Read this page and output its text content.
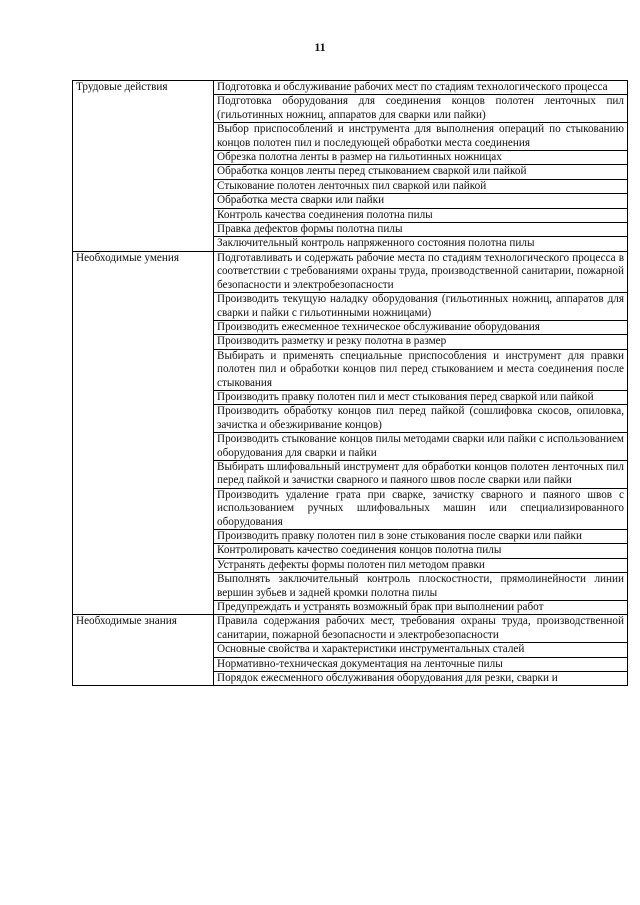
11
Трудовые действия	Подготовка и обслуживание рабочих мест по стадиям технологического процесса
	Подготовка оборудования для соединения концов полотен ленточных пил (гильотинных ножниц, аппаратов для сварки или пайки)
	Выбор приспособлений и инструмента для выполнения операций по стыкованию концов полотен пил и последующей обработки места соединения
	Обрезка полотна ленты в размер на гильотинных ножницах
	Обработка концов ленты перед стыкованием сваркой или пайкой
	Стыкование полотен ленточных пил сваркой или пайкой
	Обработка места сварки или пайки
	Контроль качества соединения полотна пилы
	Правка дефектов формы полотна пилы
	Заключительный контроль напряженного состояния полотна пилы
Необходимые умения	Подготавливать и содержать рабочие места по стадиям технологического процесса в соответствии с требованиями охраны труда, производственной санитарии, пожарной безопасности и электробезопасности
	Производить текущую наладку оборудования (гильотинных ножниц, аппаратов для сварки и пайки с гильотинными ножницами)
	Производить ежесменное техническое обслуживание оборудования
	Производить разметку и резку полотна в размер
	Выбирать и применять специальные приспособления и инструмент для правки полотен пил и обработки концов пил перед стыкованием и места соединения после стыкования
	Производить правку полотен пил и мест стыкования перед сваркой или пайкой
	Производить обработку концов пил перед пайкой (сошлифовка скосов, опиловка, зачистка и обезжиривание концов)
	Производить стыкование концов пилы методами сварки или пайки с использованием оборудования для сварки и пайки
	Выбирать шлифовальный инструмент для обработки концов полотен ленточных пил перед пайкой и зачистки сварного и паяного швов после сварки или пайки
	Производить удаление грата при сварке, зачистку сварного и паяного швов с использованием ручных шлифовальных машин или специализированного оборудования
	Производить правку полотен пил в зоне стыкования после сварки или пайки
	Контролировать качество соединения концов полотна пилы
	Устранять дефекты формы полотен пил методом правки
	Выполнять заключительный контроль плоскостности, прямолинейности линии вершин зубьев и задней кромки полотна пилы
	Предупреждать и устранять возможный брак при выполнении работ
Необходимые знания	Правила содержания рабочих мест, требования охраны труда, производственной санитарии, пожарной безопасности и электробезопасности
	Основные свойства и характеристики инструментальных сталей
	Нормативно-техническая документация на ленточные пилы
	Порядок ежесменного обслуживания оборудования для резки, сварки и
